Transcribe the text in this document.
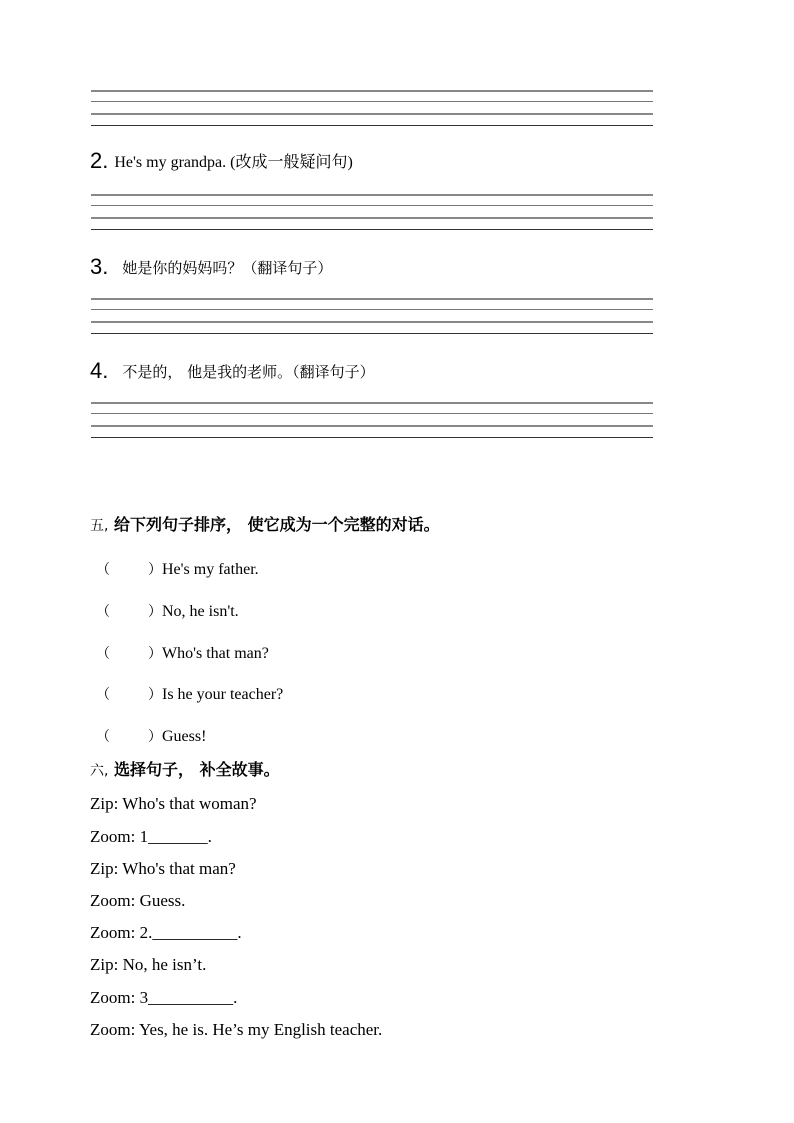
2. He's my grandpa. (改成一般疑问句)
3. 她是你的妈妈吗？（翻译句子）
4. 不是的， 他是我的老师。（翻译句子）
五, 给下列句子排序， 使它成为一个完整的对话。
（	）He's my father.
（	）No, he isn't.
（	）Who's that man?
（	）Is he your teacher?
（	）Guess!
六, 选择句子， 补全故事。
Zip: Who's that woman?
Zoom: 1_______.
Zip: Who's that man?
Zoom: Guess.
Zoom: 2.__________.
Zip: No, he isn’t.
Zoom: 3__________.
Zoom: Yes, he is. He’s my English teacher.
